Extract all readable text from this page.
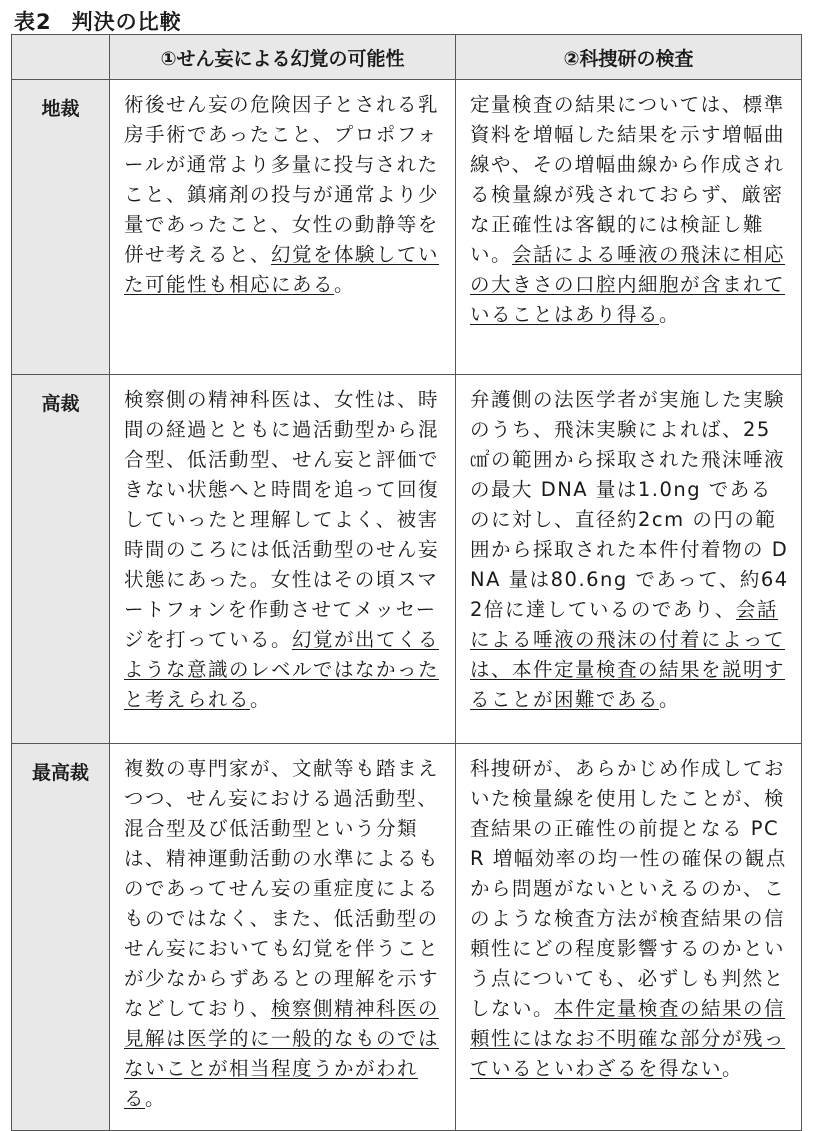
表2 判決の比較
	①せん妄による幻覚の可能性	②科捜研の検査
地裁	術後せん妄の危険因子とされる乳房手術であったこと、プロポフォールが通常より多量に投与されたこと、鎮痛剤の投与が通常より少量であったこと、女性の動静等を併せ考えると、幻覚を体験していた可能性も相応にある。	定量検査の結果については、標準資料を増幅した結果を示す増幅曲線や、その増幅曲線から作成される検量線が残されておらず、厳密な正確性は客観的には検証し難い。会話による唾液の飛沫に相応の大きさの口腔内細胞が含まれていることはあり得る。
高裁	検察側の精神科医は、女性は、時間の経過とともに過活動型から混合型、低活動型、せん妄と評価できない状態へと時間を追って回復していったと理解してよく、被害時間のころには低活動型のせん妄状態にあった。女性はその頃スマートフォンを作動させてメッセージを打っている。幻覚が出てくるような意識のレベルではなかったと考えられる。	弁護側の法医学者が実施した実験のうち、飛沫実験によれば、25㎠の範囲から採取された飛沫唾液の最大 DNA 量は1.0ng であるのに対し、直径約2cm の円の範囲から採取された本件付着物の DNA 量は80.6ng であって、約642倍に達しているのであり、会話による唾液の飛沫の付着によっては、本件定量検査の結果を説明することが困難である。
最高裁	複数の専門家が、文献等も踏まえつつ、せん妄における過活動型、混合型及び低活動型という分類は、精神運動活動の水準によるものであってせん妄の重症度によるものではなく、また、低活動型のせん妄においても幻覚を伴うことが少なからずあるとの理解を示すなどしており、検察側精神科医の見解は医学的に一般的なものではないことが相当程度うかがわれる。	科捜研が、あらかじめ作成しておいた検量線を使用したことが、検査結果の正確性の前提となる PCR 増幅効率の均一性の確保の観点から問題がないといえるのか、このような検査方法が検査結果の信頼性にどの程度影響するのかという点についても、必ずしも判然としない。本件定量検査の結果の信頼性にはなお不明確な部分が残っているといわざるを得ない。
